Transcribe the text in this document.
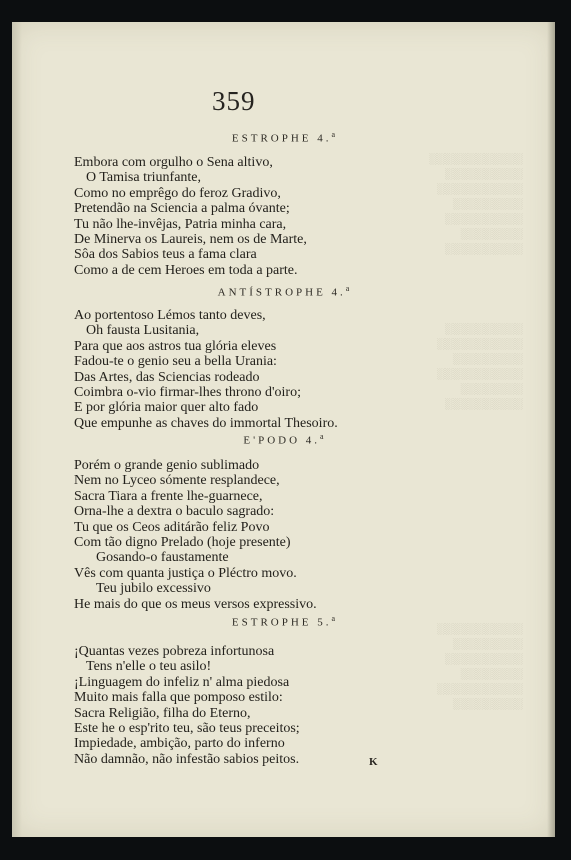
░░░░░░░░░░░░
░░░░░░░░░░
░░░░░░░░░░░
░░░░░░░░░
░░░░░░░░░░
░░░░░░░░
░░░░░░░░░░
░░░░░░░░░░
░░░░░░░░░░░
░░░░░░░░░
░░░░░░░░░░░
░░░░░░░░
░░░░░░░░░░
░░░░░░░░░░░
░░░░░░░░░
░░░░░░░░░░
░░░░░░░░
░░░░░░░░░░░
░░░░░░░░░
359
ESTROPHE 4.$^a$
Embora com orgulho o Sena altivo,
O Tamisa triunfante,
Como no emprêgo do feroz Gradivo,
Pretendão na Sciencia a palma óvante;
Tu não lhe-invêjas, Patria minha cara,
De Minerva os Laureis, nem os de Marte,
Sôa dos Sabios teus a fama clara
Como a de cem Heroes em toda a parte.
ANTÍSTROPHE 4.$^a$
Ao portentoso Lémos tanto deves,
Oh fausta Lusitania,
Para que aos astros tua glória eleves
Fadou-te o genio seu a bella Urania:
Das Artes, das Sciencias rodeado
Coimbra o-vio firmar-lhes throno d'oiro;
E por glória maior quer alto fado
Que empunhe as chaves do immortal Thesoiro.
E'PODO 4.$^a$
Porém o grande genio sublimado
Nem no Lyceo sómente resplandece,
Sacra Tiara a frente lhe-guarnece,
Orna-lhe a dextra o baculo sagrado:
Tu que os Ceos aditárão feliz Povo
Com tão digno Prelado (hoje presente)
Gosando-o faustamente
Vês com quanta justiça o Pléctro movo.
Teu jubilo excessivo
He mais do que os meus versos expressivo.
ESTROPHE 5.$^a$
¡Quantas vezes pobreza infortunosa
Tens n'elle o teu asilo!
¡Linguagem do infeliz n' alma piedosa
Muito mais falla que pomposo estilo:
Sacra Religião, filha do Eterno,
Este he o esp'rito teu, são teus preceitos;
Impiedade, ambição, parto do inferno
Não damnão, não infestão sabios peitos.	K
